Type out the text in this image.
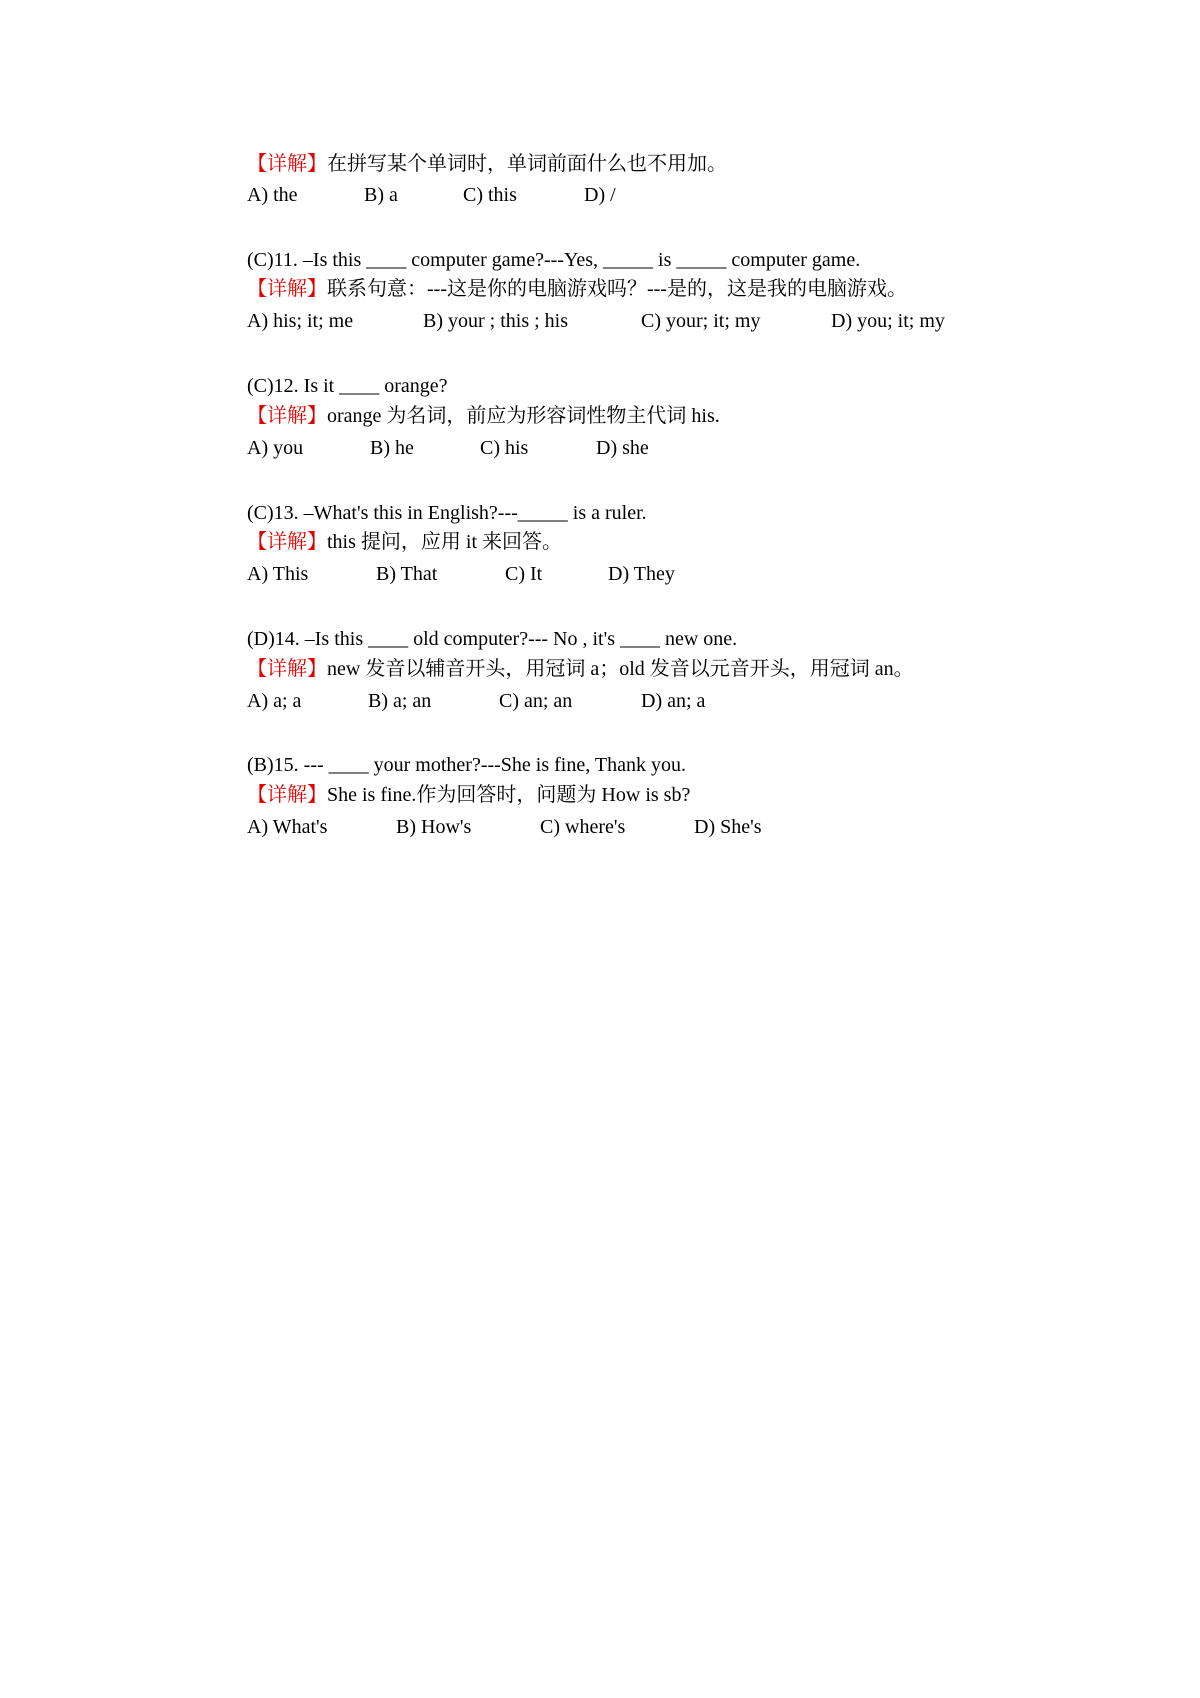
【详解】在拼写某个单词时，单词前面什么也不用加。
A) the	B) a	C) this	D) /
(C)11. –Is this ____ computer game?---Yes, _____ is _____ computer game.
【详解】联系句意：---这是你的电脑游戏吗？---是的，这是我的电脑游戏。
A) his; it; me	B) your ; this ; his	C) your; it; my	D) you; it; my
(C)12. Is it ____ orange?
【详解】orange 为名词，前应为形容词性物主代词 his.
A) you	B) he	C) his	D) she
(C)13. –What's this in English?---_____ is a ruler.
【详解】this 提问，应用 it 来回答。
A) This	B) That	C) It	D) They
(D)14. –Is this ____ old computer?--- No , it's ____ new one.
【详解】new 发音以辅音开头，用冠词 a；old 发音以元音开头，用冠词 an。
A) a; a	B) a; an	C) an; an	D) an; a
(B)15. --- ____ your mother?---She is fine, Thank you.
【详解】She is fine.作为回答时，问题为 How is sb?
A) What's	B) How's	C) where's	D) She's
